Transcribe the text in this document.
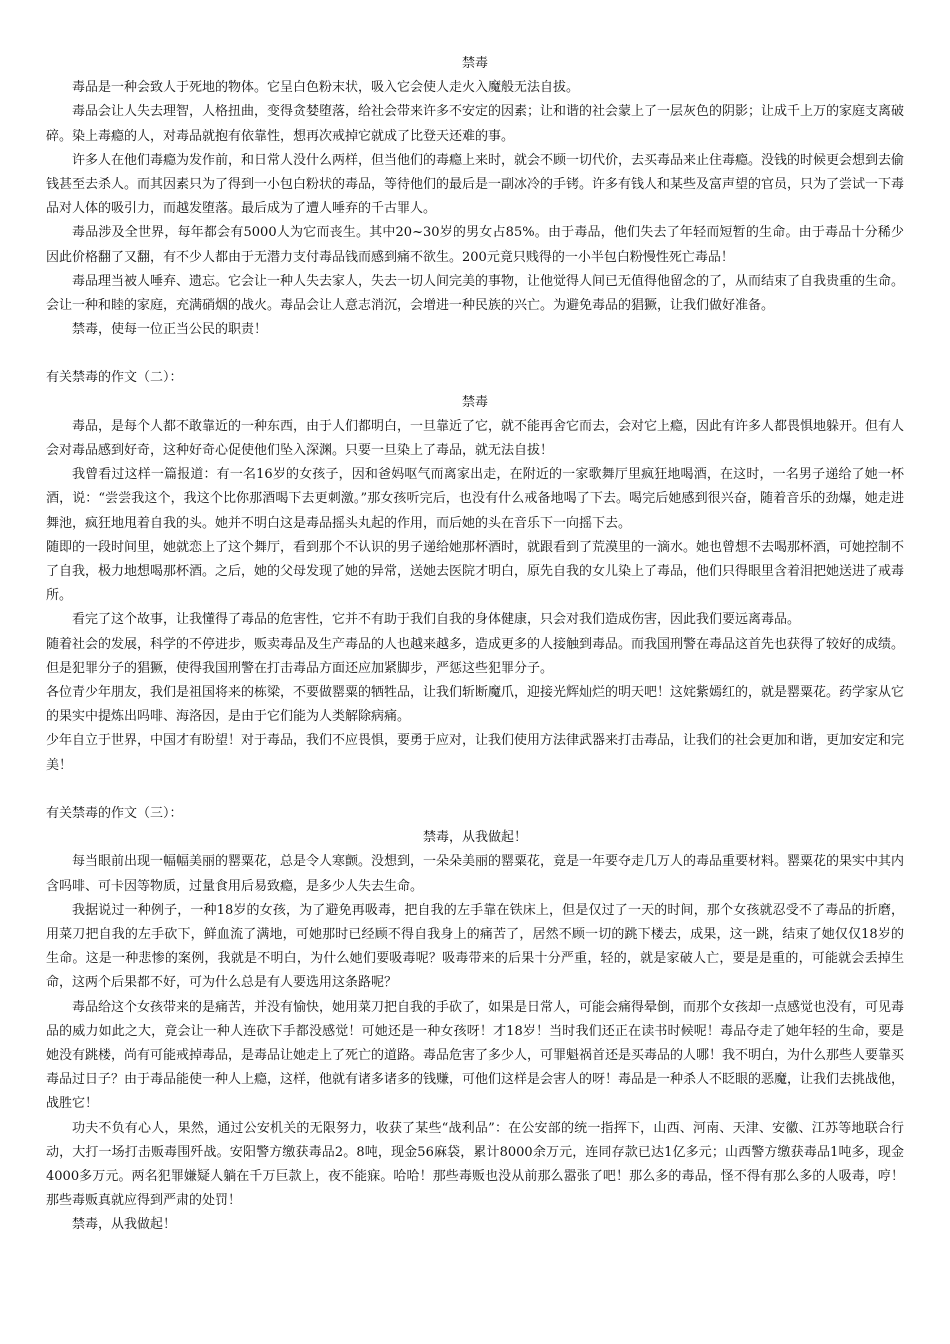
禁毒

毒品是一种会致人于死地的物体。它呈白色粉末状，吸入它会使人走火入魔般无法自拔。

毒品会让人失去理智，人格扭曲，变得贪婪堕落，给社会带来许多不安定的因素；让和谐的社会蒙上了一层灰色的阴影；让成千上万的家庭支离破碎。染上毒瘾的人，对毒品就抱有依靠性，想再次戒掉它就成了比登天还难的事。

许多人在他们毒瘾为发作前，和日常人没什么两样，但当他们的毒瘾上来时，就会不顾一切代价，去买毒品来止住毒瘾。没钱的时候更会想到去偷钱甚至去杀人。而其因素只为了得到一小包白粉状的毒品，等待他们的最后是一副冰冷的手铐。许多有钱人和某些及富声望的官员，只为了尝试一下毒品对人体的吸引力，而越发堕落。最后成为了遭人唾弃的千古罪人。

毒品涉及全世界，每年都会有5000人为它而丧生。其中20~30岁的男女占85%。由于毒品，他们失去了年轻而短暂的生命。由于毒品十分稀少因此价格翻了又翻，有不少人都由于无潜力支付毒品钱而感到痛不欲生。200元竟只贱得的一小半包白粉慢性死亡毒品！

毒品理当被人唾弃、遗忘。它会让一种人失去家人，失去一切人间完美的事物，让他觉得人间已无值得他留念的了，从而结束了自我贵重的生命。会让一种和睦的家庭，充满硝烟的战火。毒品会让人意志消沉，会增进一种民族的兴亡。为避免毒品的猖獗，让我们做好准备。

禁毒，使每一位正当公民的职责！

有关禁毒的作文（二）：

禁毒

毒品，是每个人都不敢靠近的一种东西，由于人们都明白，一旦靠近了它，就不能再舍它而去，会对它上瘾，因此有许多人都畏惧地躲开。但有人会对毒品感到好奇，这种好奇心促使他们坠入深渊。只要一旦染上了毒品，就无法自拔！

我曾看过这样一篇报道：有一名16岁的女孩子，因和爸妈呕气而离家出走，在附近的一家歌舞厅里疯狂地喝酒，在这时，一名男子递给了她一杯酒，说：“尝尝我这个，我这个比你那酒喝下去更刺激。”那女孩听完后，也没有什么戒备地喝了下去。喝完后她感到很兴奋，随着音乐的劲爆，她走进舞池，疯狂地甩着自我的头。她并不明白这是毒品摇头丸起的作用，而后她的头在音乐下一向摇下去。

随即的一段时间里，她就恋上了这个舞厅，看到那个不认识的男子递给她那杯酒时，就跟看到了荒漠里的一滴水。她也曾想不去喝那杯酒，可她控制不了自我，极力地想喝那杯酒。之后，她的父母发现了她的异常，送她去医院才明白，原先自我的女儿染上了毒品，他们只得眼里含着泪把她送进了戒毒所。

看完了这个故事，让我懂得了毒品的危害性，它并不有助于我们自我的身体健康，只会对我们造成伤害，因此我们要远离毒品。

随着社会的发展，科学的不停进步，贩卖毒品及生产毒品的人也越来越多，造成更多的人接触到毒品。而我国刑警在毒品这首先也获得了较好的成绩。但是犯罪分子的猖獗，使得我国刑警在打击毒品方面还应加紧脚步，严惩这些犯罪分子。

各位青少年朋友，我们是祖国将来的栋梁，不要做罂粟的牺牲品，让我们斩断魔爪，迎接光辉灿烂的明天吧！这姹紫嫣红的，就是罂粟花。药学家从它的果实中提炼出吗啡、海洛因，是由于它们能为人类解除病痛。

少年自立于世界，中国才有盼望！对于毒品，我们不应畏惧，要勇于应对，让我们使用方法律武器来打击毒品，让我们的社会更加和谐，更加安定和完美！

有关禁毒的作文（三）：

禁毒，从我做起！

每当眼前出现一幅幅美丽的罂粟花，总是令人寒颤。没想到，一朵朵美丽的罂粟花，竟是一年要夺走几万人的毒品重要材料。罂粟花的果实中其内含吗啡、可卡因等物质，过量食用后易致瘾，是多少人失去生命。

我据说过一种例子，一种18岁的女孩，为了避免再吸毒，把自我的左手靠在铁床上，但是仅过了一天的时间，那个女孩就忍受不了毒品的折磨，用菜刀把自我的左手砍下，鲜血流了满地，可她那时已经顾不得自我身上的痛苦了，居然不顾一切的跳下楼去，成果，这一跳，结束了她仅仅18岁的生命。这是一种悲惨的案例，我就是不明白，为什么她们要吸毒呢？吸毒带来的后果十分严重，轻的，就是家破人亡，要是是重的，可能就会丢掉生命，这两个后果都不好，可为什么总是有人要选用这条路呢？

毒品给这个女孩带来的是痛苦，并没有愉快，她用菜刀把自我的手砍了，如果是日常人，可能会痛得晕倒，而那个女孩却一点感觉也没有，可见毒品的威力如此之大，竟会让一种人连砍下手都没感觉！可她还是一种女孩呀！才18岁！当时我们还正在读书时候呢！毒品夺走了她年轻的生命，要是她没有跳楼，尚有可能戒掉毒品，是毒品让她走上了死亡的道路。毒品危害了多少人，可罪魁祸首还是买毒品的人哪！我不明白，为什么那些人要靠买毒品过日子？由于毒品能使一种人上瘾，这样，他就有诸多诸多的钱赚，可他们这样是会害人的呀！毒品是一种杀人不眨眼的恶魔，让我们去挑战他，战胜它！

功夫不负有心人，果然，通过公安机关的无限努力，收获了某些“战利品”：在公安部的统一指挥下，山西、河南、天津、安徽、江苏等地联合行动，大打一场打击贩毒围歼战。安阳警方缴获毒品2。8吨，现金56麻袋，累计8000余万元，连同存款已达1亿多元；山西警方缴获毒品1吨多，现金4000多万元。两名犯罪嫌疑人躺在千万巨款上，夜不能寐。哈哈！那些毒贩也没从前那么嚣张了吧！那么多的毒品，怪不得有那么多的人吸毒，哼！那些毒贩真就应得到严肃的处罚！

禁毒，从我做起！
